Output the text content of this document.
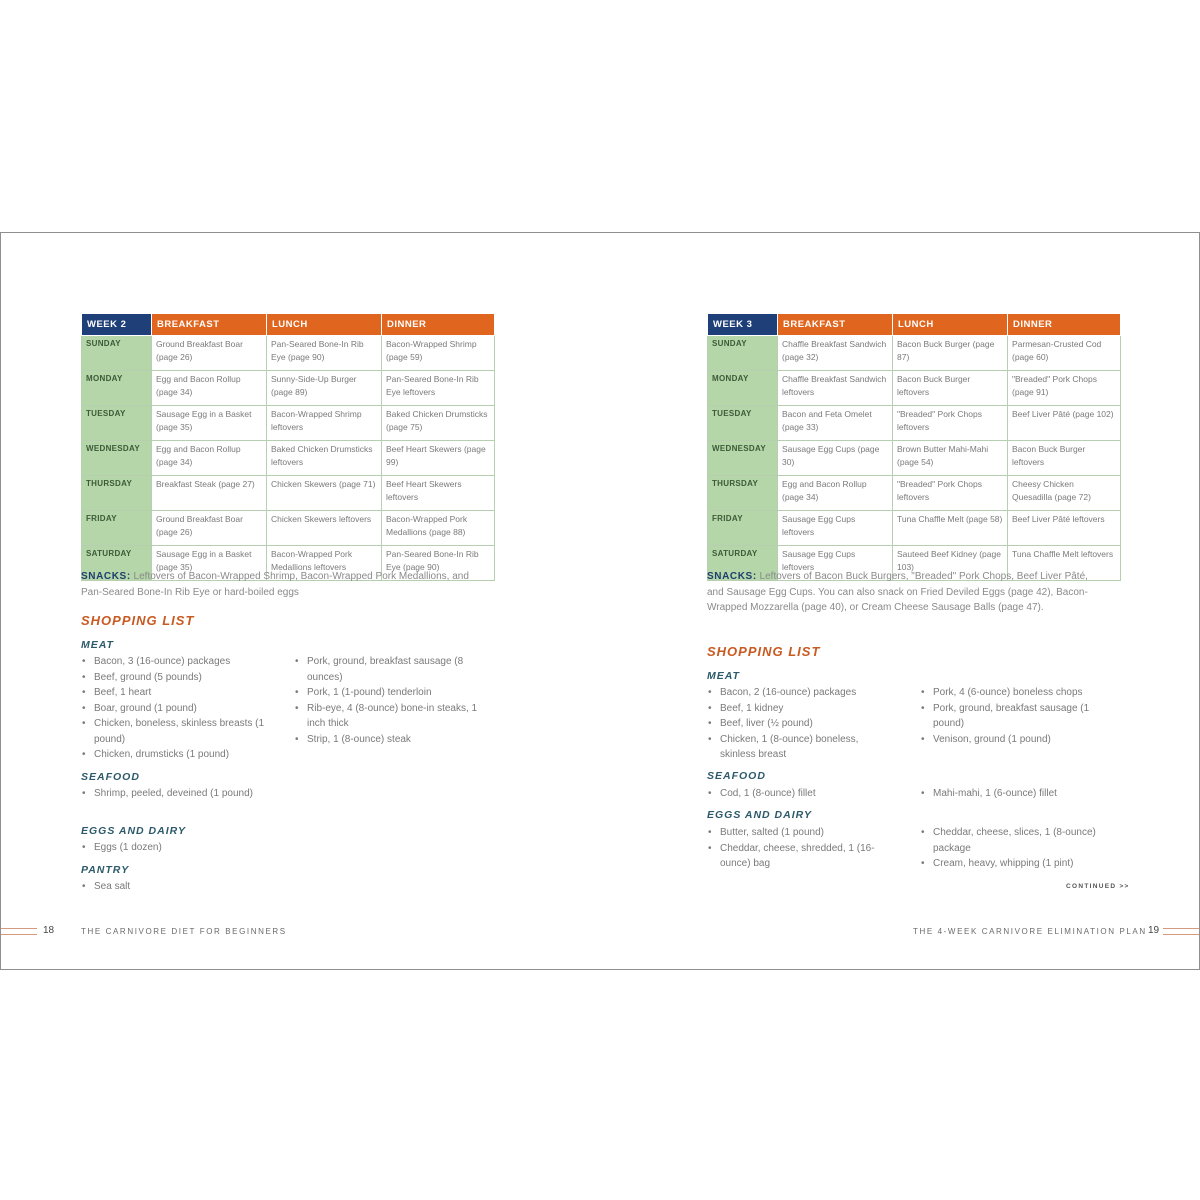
WEEK 2	BREAKFAST	LUNCH	DINNER
SUNDAY	Ground Breakfast Boar (page 26)	Pan-Seared Bone-In Rib Eye (page 90)	Bacon-Wrapped Shrimp (page 59)
MONDAY	Egg and Bacon Rollup (page 34)	Sunny-Side-Up Burger (page 89)	Pan-Seared Bone-In Rib Eye leftovers
TUESDAY	Sausage Egg in a Basket (page 35)	Bacon-Wrapped Shrimp leftovers	Baked Chicken Drumsticks (page 75)
WEDNESDAY	Egg and Bacon Rollup (page 34)	Baked Chicken Drumsticks leftovers	Beef Heart Skewers (page 99)
THURSDAY	Breakfast Steak (page 27)	Chicken Skewers (page 71)	Beef Heart Skewers leftovers
FRIDAY	Ground Breakfast Boar (page 26)	Chicken Skewers leftovers	Bacon-Wrapped Pork Medallions (page 88)
SATURDAY	Sausage Egg in a Basket (page 35)	Bacon-Wrapped Pork Medallions leftovers	Pan-Seared Bone-In Rib Eye (page 90)
SNACKS: Leftovers of Bacon-Wrapped Shrimp, Bacon-Wrapped Pork Medallions, and Pan-Seared Bone-In Rib Eye or hard-boiled eggs
SHOPPING LIST
MEAT
• Bacon, 3 (16-ounce) packages
• Beef, ground (5 pounds)
• Beef, 1 heart
• Boar, ground (1 pound)
• Chicken, boneless, skinless breasts (1 pound)
• Chicken, drumsticks (1 pound)
• Pork, ground, breakfast sausage (8 ounces)
• Pork, 1 (1-pound) tenderloin
• Rib-eye, 4 (8-ounce) bone-in steaks, 1 inch thick
• Strip, 1 (8-ounce) steak
SEAFOOD
• Shrimp, peeled, deveined (1 pound)
EGGS AND DAIRY
• Eggs (1 dozen)
PANTRY
• Sea salt
18	THE CARNIVORE DIET FOR BEGINNERS
WEEK 3	BREAKFAST	LUNCH	DINNER
SUNDAY	Chaffle Breakfast Sandwich (page 32)	Bacon Buck Burger (page 87)	Parmesan-Crusted Cod (page 60)
MONDAY	Chaffle Breakfast Sandwich leftovers	Bacon Buck Burger leftovers	"Breaded" Pork Chops (page 91)
TUESDAY	Bacon and Feta Omelet (page 33)	"Breaded" Pork Chops leftovers	Beef Liver Pâté (page 102)
WEDNESDAY	Sausage Egg Cups (page 30)	Brown Butter Mahi-Mahi (page 54)	Bacon Buck Burger leftovers
THURSDAY	Egg and Bacon Rollup (page 34)	"Breaded" Pork Chops leftovers	Cheesy Chicken Quesadilla (page 72)
FRIDAY	Sausage Egg Cups leftovers	Tuna Chaffle Melt (page 58)	Beef Liver Pâté leftovers
SATURDAY	Sausage Egg Cups leftovers	Sauteed Beef Kidney (page 103)	Tuna Chaffle Melt leftovers
SNACKS: Leftovers of Bacon Buck Burgers, "Breaded" Pork Chops, Beef Liver Pâté, and Sausage Egg Cups. You can also snack on Fried Deviled Eggs (page 42), Bacon-Wrapped Mozzarella (page 40), or Cream Cheese Sausage Balls (page 47).
SHOPPING LIST
MEAT
• Bacon, 2 (16-ounce) packages
• Beef, 1 kidney
• Beef, liver (½ pound)
• Chicken, 1 (8-ounce) boneless, skinless breast
• Pork, 4 (6-ounce) boneless chops
• Pork, ground, breakfast sausage (1 pound)
• Venison, ground (1 pound)
SEAFOOD
• Cod, 1 (8-ounce) fillet	• Mahi-mahi, 1 (6-ounce) fillet
EGGS AND DAIRY
• Butter, salted (1 pound)
• Cheddar, cheese, shredded, 1 (16-ounce) bag
• Cheddar, cheese, slices, 1 (8-ounce) package
• Cream, heavy, whipping (1 pint)
CONTINUED >>
THE 4-WEEK CARNIVORE ELIMINATION PLAN 19
